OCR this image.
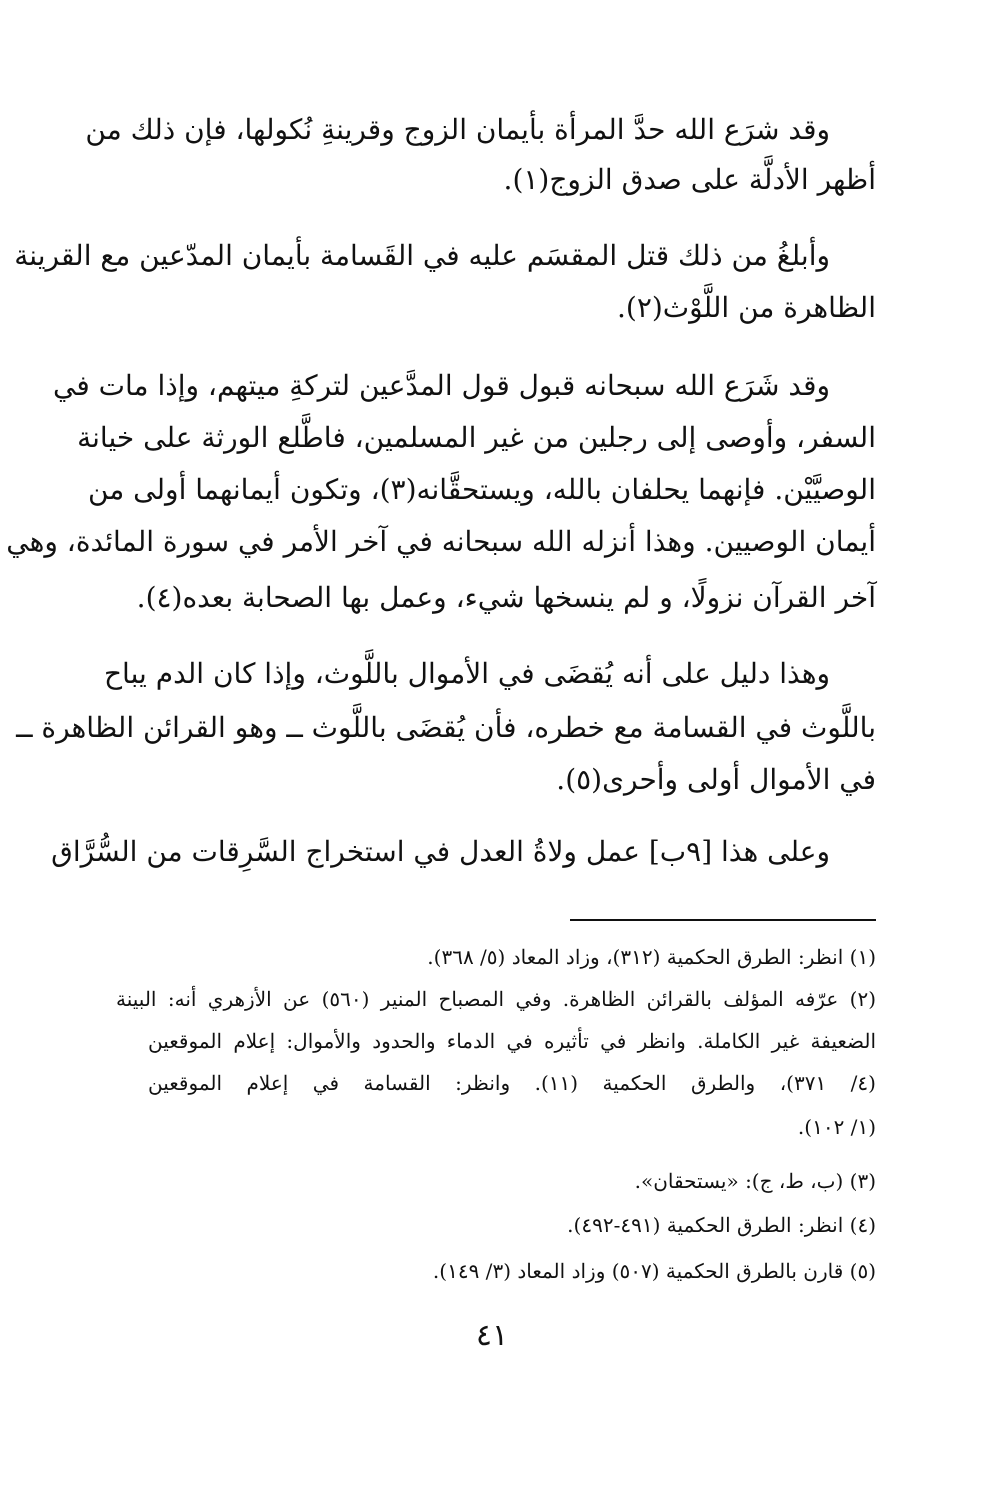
وقد شرَع الله حدَّ المرأة بأيمان الزوج وقرينةِ نُكولها، فإن ذلك من
أظهر الأدلَّة على صدق الزوج(١).
وأبلغُ من ذلك قتل المقسَم عليه في القَسامة بأيمان المدّعين مع القرينة
الظاهرة من اللَّوْث(٢).
وقد شَرَع الله سبحانه قبول قول المدَّعين لتركةِ ميتهم، وإذا مات في
السفر، وأوصى إلى رجلين من غير المسلمين، فاطَّلع الورثة على خيانة
الوصيَّيْن. فإنهما يحلفان بالله، ويستحقَّانه(٣)، وتكون أيمانهما أولى من
أيمان الوصيين. وهذا أنزله الله سبحانه في آخر الأمر في سورة المائدة، وهي
آخر القرآن نزولًا، و لم ينسخها شيء، وعمل بها الصحابة بعده(٤).
وهذا دليل على أنه يُقضَى في الأموال باللَّوث، وإذا كان الدم يباح
باللَّوث في القسامة مع خطره، فأن يُقضَى باللَّوث ــ وهو القرائن الظاهرة ــ
في الأموال أولى وأحرى(٥).
وعلى هذا [٩ب] عمل ولاةُ العدل في استخراج السَّرِقات من السُّرَّاق
(١) انظر: الطرق الحكمية (٣١٢)، وزاد المعاد (٥/ ٣٦٨).
(٢) عرّفه المؤلف بالقرائن الظاهرة. وفي المصباح المنير (٥٦٠) عن الأزهري أنه: البينة
الضعيفة غير الكاملة. وانظر في تأثيره في الدماء والحدود والأموال: إعلام الموقعين
(٤/ ٣٧١)، والطرق الحكمية (١١). وانظر: القسامة في إعلام الموقعين
(١/ ١٠٢).
(٣) (ب، ط، ج): «يستحقان».
(٤) انظر: الطرق الحكمية (٤٩١-٤٩٢).
(٥) قارن بالطرق الحكمية (٥٠٧) وزاد المعاد (٣/ ١٤٩).
٤١
